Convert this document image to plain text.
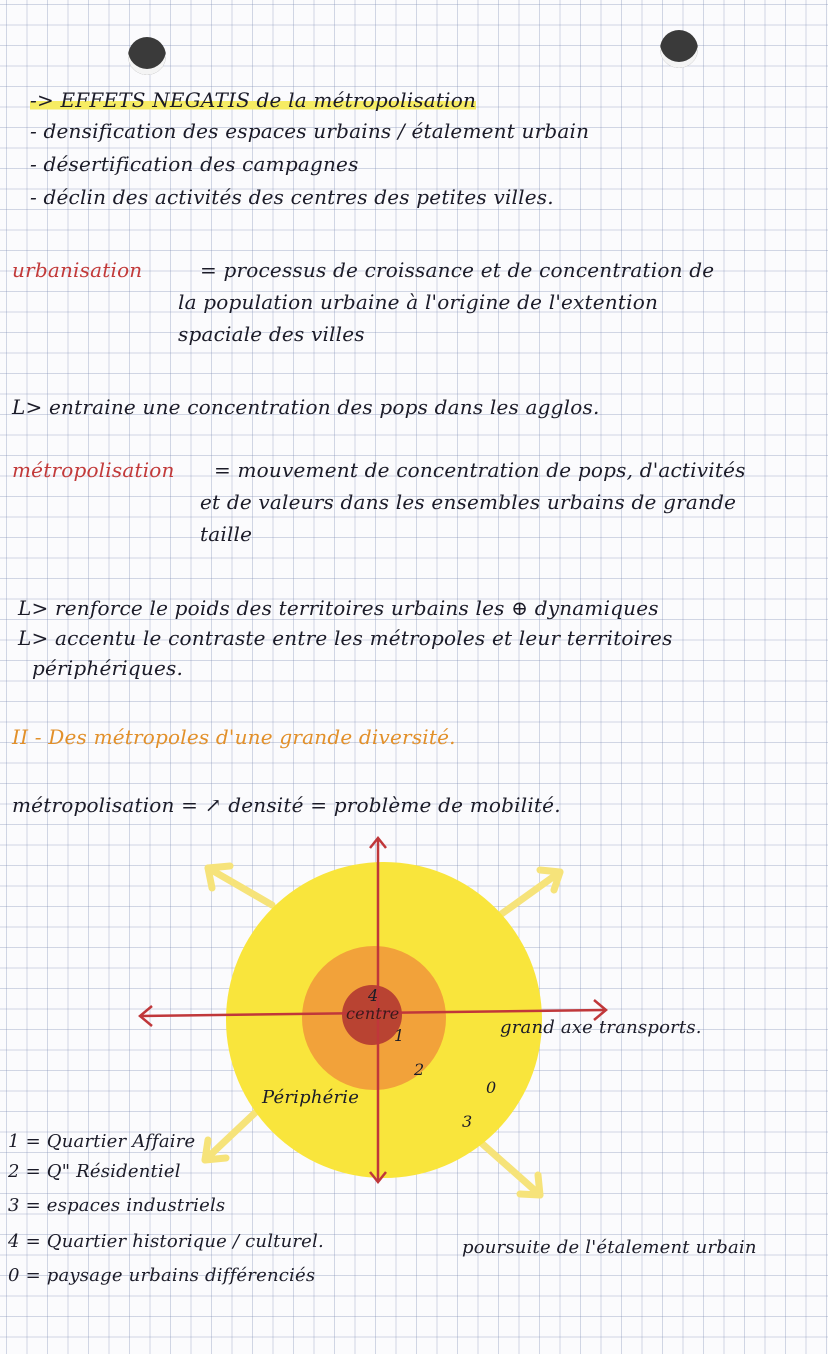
-> EFFETS NEGATIS de la métropolisation
- densification des espaces urbains / étalement urbain
- désertification des campagnes
- déclin des activités des centres des petites villes.
urbanisation	= processus de croissance et de concentration de
la population urbaine à l'origine de l'extention
spaciale des villes
L> entraine une concentration des pops dans les agglos.
métropolisation = mouvement de concentration de pops, d'activités
et de valeurs dans les ensembles urbains de grande
taille
L> renforce le poids des territoires urbains les ⊕ dynamiques
L> accentu le contraste entre les métropoles et leur territoires
périphériques.
II - Des métropoles d'une grande diversité.
métropolisation = ↗ densité = problème de mobilité.
4
centre
1
2
0
3
Périphérie
grand axe transports.
poursuite de l'étalement urbain
1 = Quartier Affaire
2 = Q" Résidentiel
3 = espaces industriels
4 = Quartier historique / culturel.
0 = paysage urbains différenciés
